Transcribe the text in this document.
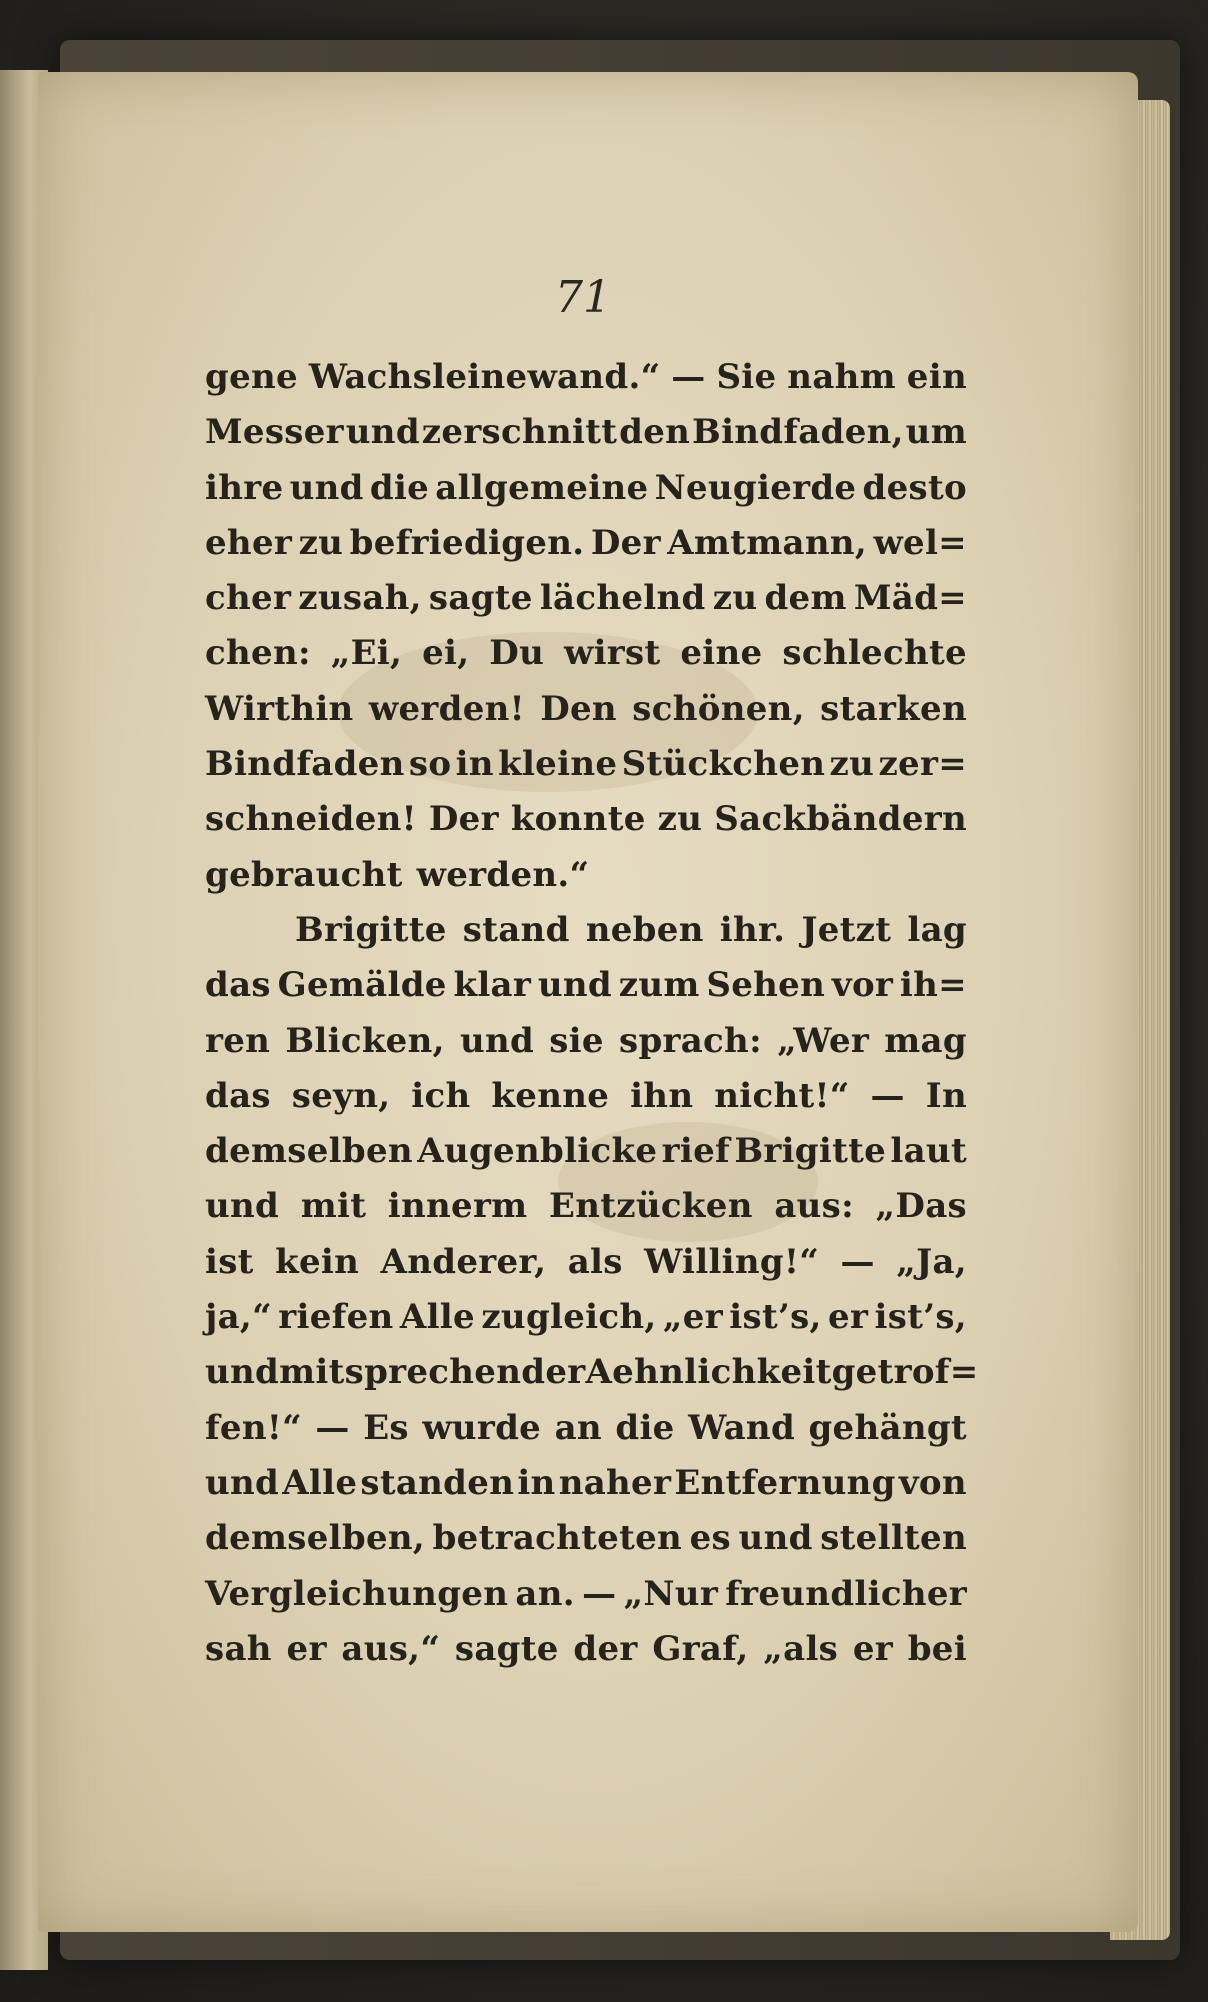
71
gene Wachsleinewand.“ — Sie nahm ein
Messer und zerschnitt den Bindfaden, um
ihre und die allgemeine Neugierde desto
eher zu befriedigen. Der Amtmann, wel=
cher zusah, sagte lächelnd zu dem Mäd=
chen: „Ei, ei, Du wirst eine schlechte
Wirthin werden! Den schönen, starken
Bindfaden so in kleine Stückchen zu zer=
schneiden! Der konnte zu Sackbändern
gebraucht werden.“
Brigitte stand neben ihr. Jetzt lag
das Gemälde klar und zum Sehen vor ih=
ren Blicken, und sie sprach: „Wer mag
das seyn, ich kenne ihn nicht!“ — In
demselben Augenblicke rief Brigitte laut
und mit innerm Entzücken aus: „Das
ist kein Anderer, als Willing!“ — „Ja,
ja,“ riefen Alle zugleich, „er ist’s, er ist’s,
und mit sprechender Aehnlichkeit getrof=
fen!“ — Es wurde an die Wand gehängt
und Alle standen in naher Entfernung von
demselben, betrachteten es und stellten
Vergleichungen an. — „Nur freundlicher
sah er aus,“ sagte der Graf, „als er bei
